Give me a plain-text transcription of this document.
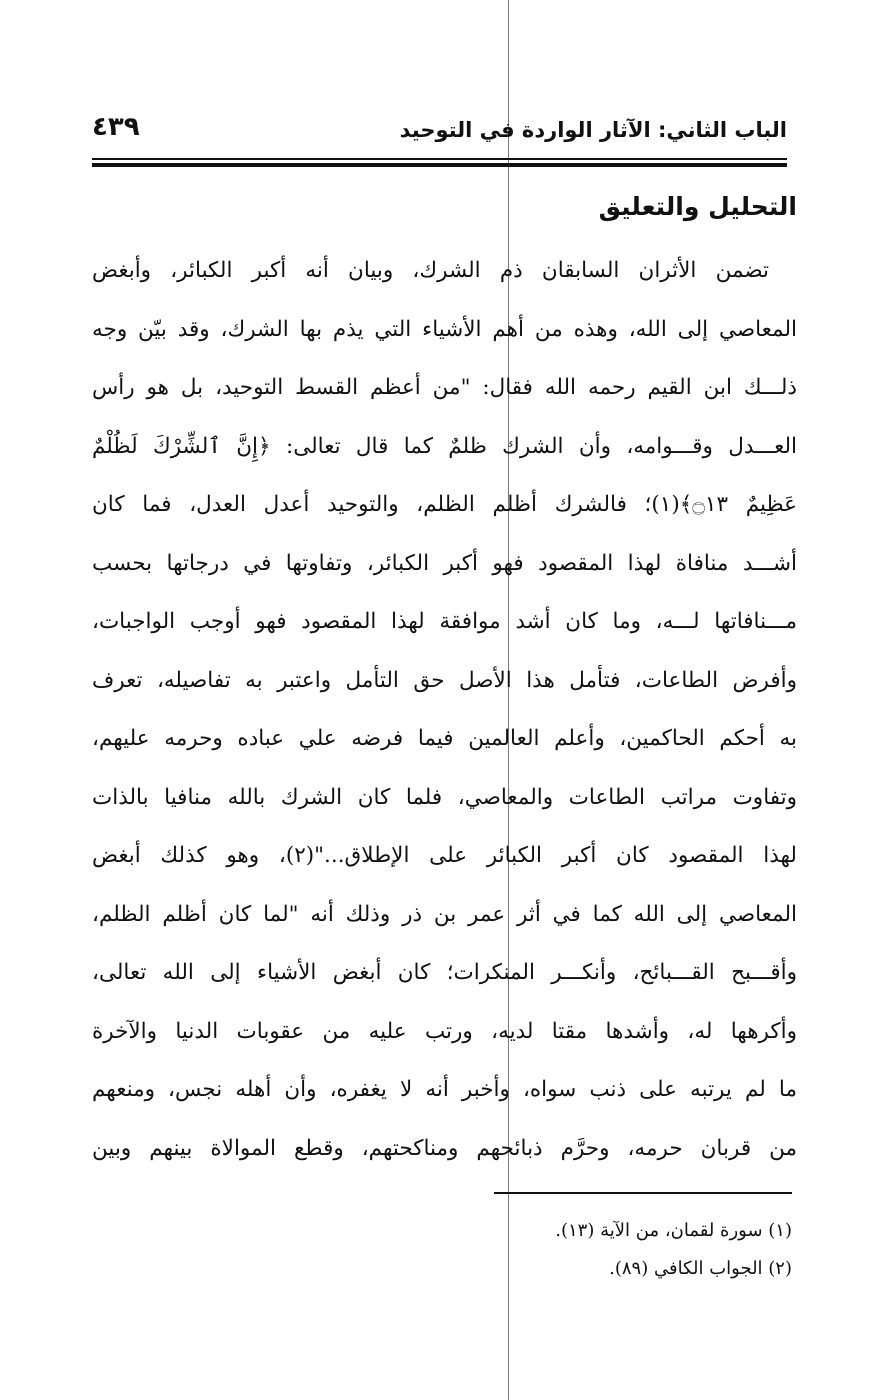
الباب الثاني: الآثار الواردة في التوحيد
٤٣٩
التحليل والتعليق
تضمن الأثران السابقان ذم الشرك، وبيان أنه أكبر الكبائر، وأبغض
المعاصي إلى الله، وهذه من أهم الأشياء التي يذم بها الشرك، وقد بيّن وجه
ذلـــك ابن القيم رحمه الله فقال: "من أعظم القسط التوحيد، بل هو رأس
العـــدل وقـــوامه، وأن الشرك ظلمٌ كما قال تعالى: ﴿إِنَّ ٱلشِّرْكَ لَظُلْمٌ
عَظِيمٌ ۝١٣﴾(١)؛ فالشرك أظلم الظلم، والتوحيد أعدل العدل، فما كان
أشـــد منافاة لهذا المقصود فهو أكبر الكبائر، وتفاوتها في درجاتها بحسب
مـــنافاتها لـــه، وما كان أشد موافقة لهذا المقصود فهو أوجب الواجبات،
وأفرض الطاعات، فتأمل هذا الأصل حق التأمل واعتبر به تفاصيله، تعرف
به أحكم الحاكمين، وأعلم العالمين فيما فرضه علي عباده وحرمه عليهم،
وتفاوت مراتب الطاعات والمعاصي، فلما كان الشرك بالله منافيا بالذات
لهذا المقصود كان أكبر الكبائر على الإطلاق..."(٢)، وهو كذلك أبغض
المعاصي إلى الله كما في أثر عمر بن ذر وذلك أنه "لما كان أظلم الظلم،
وأقـــبح القـــبائح، وأنكـــر المنكرات؛ كان أبغض الأشياء إلى الله تعالى،
وأكرهها له، وأشدها مقتا لديه، ورتب عليه من عقوبات الدنيا والآخرة
ما لم يرتبه على ذنب سواه، وأخبر أنه لا يغفره، وأن أهله نجس، ومنعهم
من قربان حرمه، وحرَّم ذبائحهم ومناكحتهم، وقطع الموالاة بينهم وبين
(١) سورة لقمان، من الآية (١٣).
(٢) الجواب الكافي (٨٩).
